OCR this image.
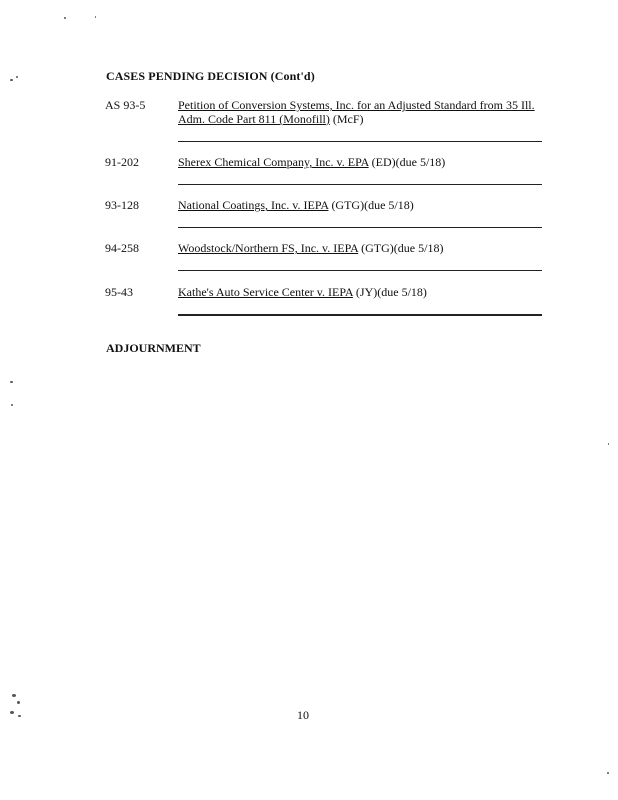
CASES PENDING DECISION (Cont'd)
AS 93-5	Petition of Conversion Systems, Inc. for an Adjusted Standard from 35 Ill. Adm. Code Part 811 (Monofill) (McF)
91-202	Sherex Chemical Company, Inc. v. EPA (ED)(due 5/18)
93-128	National Coatings, Inc. v. IEPA (GTG)(due 5/18)
94-258	Woodstock/Northern FS, Inc. v. IEPA (GTG)(due 5/18)
95-43	Kathe's Auto Service Center v. IEPA (JY)(due 5/18)
ADJOURNMENT
10
